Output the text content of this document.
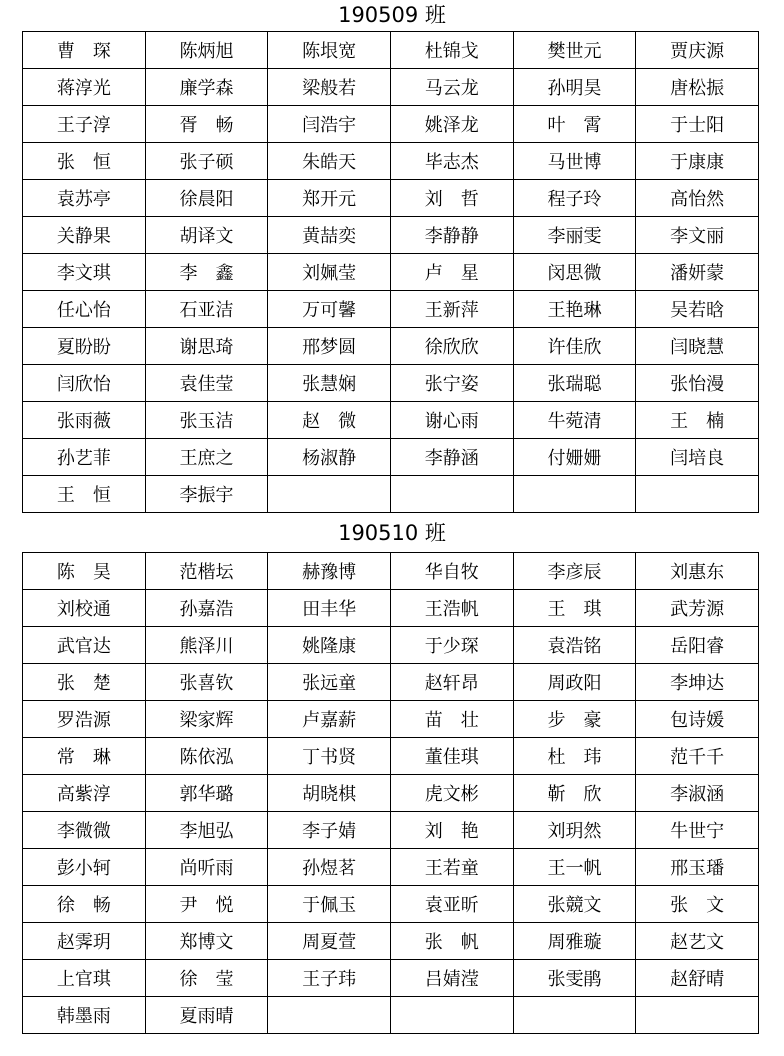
190509 班
曹　琛	陈炳旭	陈垠宽	杜锦戈	樊世元	贾庆源
蒋淳光	廉学森	梁般若	马云龙	孙明昊	唐松振
王子淳	胥　畅	闫浩宇	姚泽龙	叶　霄	于士阳
张　恒	张子硕	朱皓天	毕志杰	马世博	于康康
袁苏亭	徐晨阳	郑开元	刘　哲	程子玲	高怡然
关静果	胡译文	黄喆奕	李静静	李丽雯	李文丽
李文琪	李　鑫	刘姵莹	卢　星	闵思微	潘妍蒙
任心怡	石亚洁	万可馨	王新萍	王艳琳	吴若晗
夏盼盼	谢思琦	邢梦圆	徐欣欣	许佳欣	闫晓慧
闫欣怡	袁佳莹	张慧娴	张宁姿	张瑞聪	张怡漫
张雨薇	张玉洁	赵　微	谢心雨	牛菀清	王　楠
孙艺菲	王庶之	杨淑静	李静涵	付姗姗	闫培良
王　恒	李振宇				
190510 班
陈　昊	范楷坛	赫豫博	华自牧	李彦辰	刘惠东
刘校通	孙嘉浩	田丰华	王浩帆	王　琪	武芳源
武官达	熊泽川	姚隆康	于少琛	袁浩铭	岳阳睿
张　楚	张喜钦	张远童	赵轩昂	周政阳	李坤达
罗浩源	梁家辉	卢嘉薪	苗　壮	步　豪	包诗媛
常　琳	陈依泓	丁书贤	董佳琪	杜　玮	范千千
高紫淳	郭华璐	胡晓棋	虎文彬	靳　欣	李淑涵
李微微	李旭弘	李子婧	刘　艳	刘玥然	牛世宁
彭小轲	尚听雨	孙煜茗	王若童	王一帆	邢玉璠
徐　畅	尹　悦	于佩玉	袁亚昕	张競文	张　文
赵霁玥	郑博文	周夏萱	张　帆	周雅璇	赵艺文
上官琪	徐　莹	王子玮	吕婧滢	张雯鹃	赵舒晴
韩墨雨	夏雨晴				
